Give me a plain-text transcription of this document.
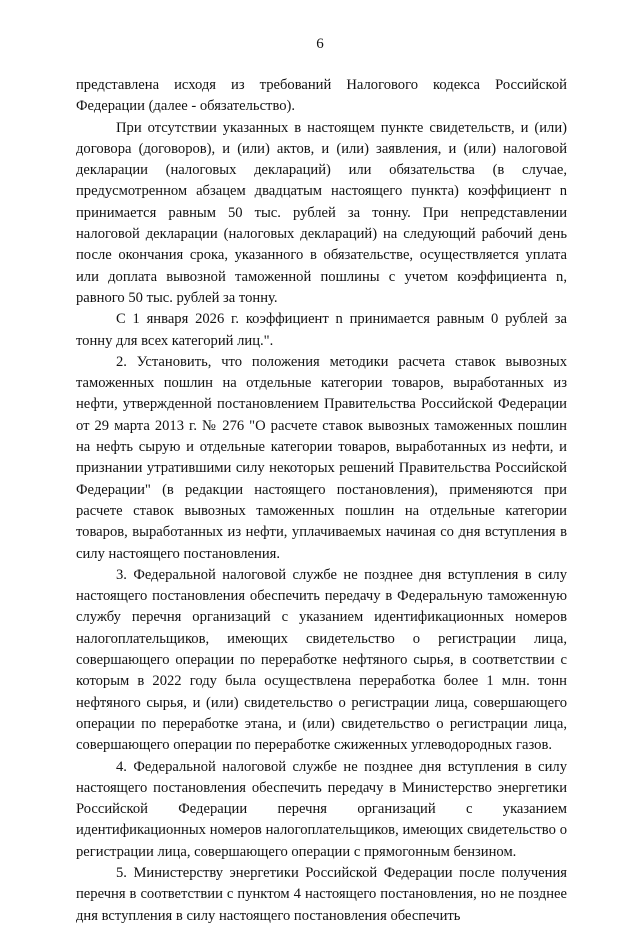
6

представлена исходя из требований Налогового кодекса Российской Федерации (далее - обязательство).

При отсутствии указанных в настоящем пункте свидетельств, и (или) договора (договоров), и (или) актов, и (или) заявления, и (или) налоговой декларации (налоговых деклараций) или обязательства (в случае, предусмотренном абзацем двадцатым настоящего пункта) коэффициент n принимается равным 50 тыс. рублей за тонну. При непредставлении налоговой декларации (налоговых деклараций) на следующий рабочий день после окончания срока, указанного в обязательстве, осуществляется уплата или доплата вывозной таможенной пошлины с учетом коэффициента n, равного 50 тыс. рублей за тонну.

С 1 января 2026 г. коэффициент n принимается равным 0 рублей за тонну для всех категорий лиц.".

2. Установить, что положения методики расчета ставок вывозных таможенных пошлин на отдельные категории товаров, выработанных из нефти, утвержденной постановлением Правительства Российской Федерации от 29 марта 2013 г. № 276 "О расчете ставок вывозных таможенных пошлин на нефть сырую и отдельные категории товаров, выработанных из нефти, и признании утратившими силу некоторых решений Правительства Российской Федерации" (в редакции настоящего постановления), применяются при расчете ставок вывозных таможенных пошлин на отдельные категории товаров, выработанных из нефти, уплачиваемых начиная со дня вступления в силу настоящего постановления.

3. Федеральной налоговой службе не позднее дня вступления в силу настоящего постановления обеспечить передачу в Федеральную таможенную службу перечня организаций с указанием идентификационных номеров налогоплательщиков, имеющих свидетельство о регистрации лица, совершающего операции по переработке нефтяного сырья, в соответствии с которым в 2022 году была осуществлена переработка более 1 млн. тонн нефтяного сырья, и (или) свидетельство о регистрации лица, совершающего операции по переработке этана, и (или) свидетельство о регистрации лица, совершающего операции по переработке сжиженных углеводородных газов.

4. Федеральной налоговой службе не позднее дня вступления в силу настоящего постановления обеспечить передачу в Министерство энергетики Российской Федерации перечня организаций с указанием идентификационных номеров налогоплательщиков, имеющих свидетельство о регистрации лица, совершающего операции с прямогонным бензином.

5. Министерству энергетики Российской Федерации после получения перечня в соответствии с пунктом 4 настоящего постановления, но не позднее дня вступления в силу настоящего постановления обеспечить
